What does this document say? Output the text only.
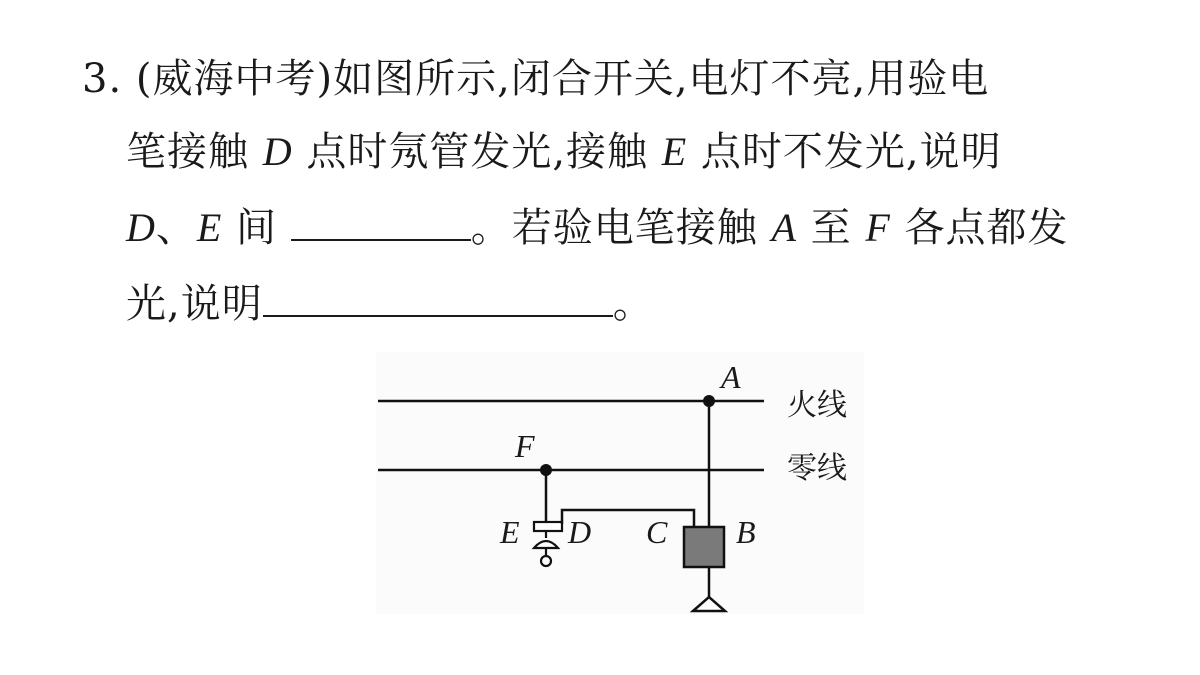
3. (威海中考)如图所示,闭合开关,电灯不亮,用验电
笔接触 D 点时氖管发光,接触 E 点时不发光,说明
D、E 间	。若验电笔接触 A 至 F 各点都发
光,说明	。
A
F
E D C B
火线
零线
